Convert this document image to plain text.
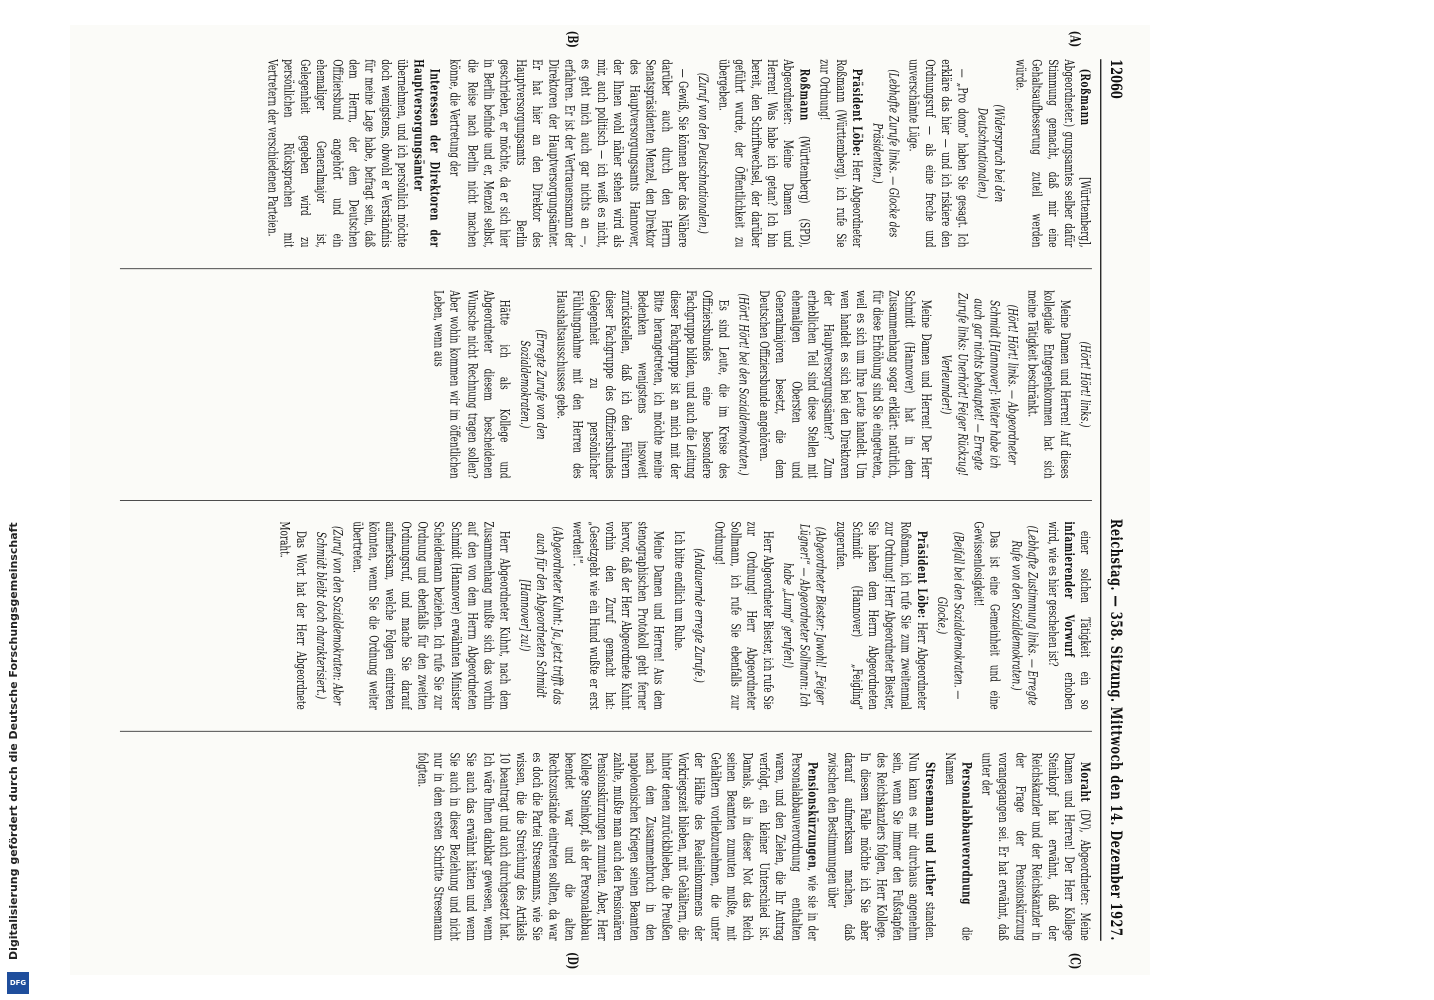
12060
Reichstag. — 358. Sitzung. Mittwoch den 14. Dezember 1927.

(Roßmann [Württemberg], Abgeordneter.) gungsamtes selber dafür Stimmung gemacht, daß mir eine Gehaltsaufbesserung zuteil werden würde.

(Widerspruch bei den Deutschnationalen.)

— „Pro domo“ haben Sie gesagt. Ich erkläre das hier — und ich riskiere den Ordnungsruf — als eine freche und unverschämte Lüge.

(Lebhafte Zurufe links. — Glocke des Präsidenten.)

Präsident Löbe: Herr Abgeordneter Roßmann (Württemberg), ich rufe Sie zur Ordnung!

Roßmann (Württemberg) (SPD), Abgeordneter: Meine Damen und Herren! Was habe ich getan? Ich bin bereit, den Schriftwechsel, der darüber geführt wurde, der Öffentlichkeit zu übergeben.

(Zuruf von den Deutschnationalen.)

— Gewiß, Sie können aber das Nähere darüber auch durch den Herrn Senatspräsidenten Menzel, den Direktor des Hauptversorgungsamts Hannover, der Ihnen wohl näher stehen wird als mir, auch politisch — ich weiß es nicht, es geht mich auch gar nichts an —, erfahren. Er ist der Vertrauensmann der Direktoren der Hauptversorgungsämter. Er hat hier an den Direktor des Hauptversorgungsamts Berlin geschrieben, er möchte, da er sich hier in Berlin befinde und er, Menzel selbst, die Reise nach Berlin nicht machen könne, die Vertretung der

Interessen der Direktoren der Hauptversorgungsämter übernehmen, und ich persönlich möchte doch wenigstens, obwohl er Verständnis für meine Lage habe, befragt sein, daß dem Herrn, der dem Deutschen Offiziersbund angehört und ein ehemaliger Generalmajor ist, Gelegenheit gegeben wird zu persönlichen Rücksprachen mit Vertretern der verschiedenen Parteien.

(Hört! Hört! links.)

Meine Damen und Herren! Auf dieses kollegiale Entgegenkommen hat sich meine Tätigkeit beschränkt.

(Hört! Hört! links. — Abgeordneter Schmidt [Hannover]: Weiter habe ich auch gar nichts behauptet! — Erregte Zurufe links: Unerhört! Feiger Rückzug! Verleumder!)

Meine Damen und Herren! Der Herr Schmidt (Hannover) hat in dem Zusammenhang sogar erklärt: natürlich, für diese Erhöhung sind Sie eingetreten, weil es sich um Ihre Leute handelt. Um wen handelt es sich bei den Direktoren der Hauptversorgungsämter? Zum erheblichen Teil sind diese Stellen mit ehemaligen Obersten und Generalmajoren besetzt, die dem Deutschen Offiziersbunde angehören.

(Hört! Hört! bei den Sozialdemokraten.)

Es sind Leute, die im Kreise des Offiziersbundes eine besondere Fachgruppe bilden, und auch die Leitung dieser Fachgruppe ist an mich mit der Bitte herangetreten, ich möchte meine Bedenken wenigstens insoweit zurückstellen, daß ich den Führern dieser Fachgruppe des Offiziersbundes Gelegenheit zu persönlicher Fühlungnahme mit den Herren des Haushaltsausschusses gebe.

(Erregte Zurufe von den Sozialdemokraten.)

Hätte ich als Kollege und Abgeordneter diesem bescheidenen Wunsche nicht Rechnung tragen sollen? Aber wohin kommen wir im öffentlichen Leben, wenn aus

einer solchen Tätigkeit ein so infamierender Vorwurf erhoben wird, wie es hier geschehen ist?

(Lebhafte Zustimmung links. — Erregte Rufe von den Sozialdemokraten.)

Das ist eine Gemeinheit und eine Gewissenlosigkeit!

(Beifall bei den Sozialdemokraten. — Glocke.)

Präsident Löbe: Herr Abgeordneter Roßmann, ich rufe Sie zum zweitenmal zur Ordnung! Herr Abgeordneter Biester, Sie haben dem Herrn Abgeordneten Schmidt (Hannover) „Feigling“ zugerufen.

(Abgeordneter Biester: Jawohl! „Feiger Lügner!“ — Abgeordneter Sollmann: Ich habe „Lump“ gerufen!)

Herr Abgeordneter Biester, ich rufe Sie zur Ordnung! Herr Abgeordneter Sollmann, ich rufe Sie ebenfalls zur Ordnung!

(Andauernde erregte Zurufe.)

Ich bitte endlich um Ruhe.

Meine Damen und Herren! Aus dem stenographischen Protokoll geht ferner hervor, daß der Herr Abgeordnete Kuhnt vorhin den Zuruf gemacht hat: „Gesetzgebt wie ein Hund wußte er erst werden!“.

(Abgeordneter Kuhnt: Ja, jetzt trifft das auch für den Abgeordneten Schmidt [Hannover] zu!)

Herr Abgeordneter Kuhnt, nach dem Zusammenhang mußte sich das vorhin auf den von dem Herrn Abgeordneten Schmidt (Hannover) erwähnten Minister Scheidemann beziehen. Ich rufe Sie zur Ordnung und ebenfalls für den zweiten Ordnungsruf, und mache Sie darauf aufmerksam, welche Folgen eintreten könnten, wenn Sie die Ordnung weiter übertreten.

(Zuruf von den Sozialdemokraten: Aber Schmidt bleibt doch charakterisiert.)

Das Wort hat der Herr Abgeordnete Moraht.

Moraht (DV), Abgeordneter: Meine Damen und Herren! Der Herr Kollege Steinkopf hat erwähnt, daß der Reichskanzler und der Reichskanzler in der Frage der Pensionskürzung vorangegangen sei. Er hat erwähnt, daß unter der

Personalabbauverordnung die Namen

Stresemann und Luther standen. Nun kann es mir durchaus angenehm sein, wenn Sie immer den Fußstapfen des Reichskanzlers folgen, Herr Kollege. In diesem Falle möchte ich Sie aber darauf aufmerksam machen, daß zwischen den Bestimmungen über

Pensionskürzungen, wie sie in der Personalabbauverordnung enthalten waren, und den Zielen, die Ihr Antrag verfolgt, ein kleiner Unterschied ist. Damals, als in dieser Not das Reich seinen Beamten zumuten mußte, mit Gehältern vorliebzunehmen, die unter der Hälfte des Realeinkommens der Vorkriegszeit blieben, mit Gehältern, die hinter denen zurückblieben, die Preußen nach dem Zusammenbruch in den napoleonischen Kriegen seinen Beamten zahlte, mußte man auch den Pensionären Pensionskürzungen zumuten. Aber, Herr Kollege Steinkopf, als der Personalabbau beendet war und die alten Rechtszustände eintreten sollten, da war es doch die Partei Stresemanns, wie Sie wissen, die die Streichung des Artikels 10 beantragt und auch durchgesetzt hat. Ich wäre Ihnen dankbar gewesen, wenn Sie auch das erwähnt hätten und wenn Sie auch in dieser Beziehung und nicht nur in dem ersten Schritte Stresemann folgten.

(A)
(B)
(C)
(D)
Digitalisierung gefördert durch die Deutsche Forschungsgemeinschaft
DFG
